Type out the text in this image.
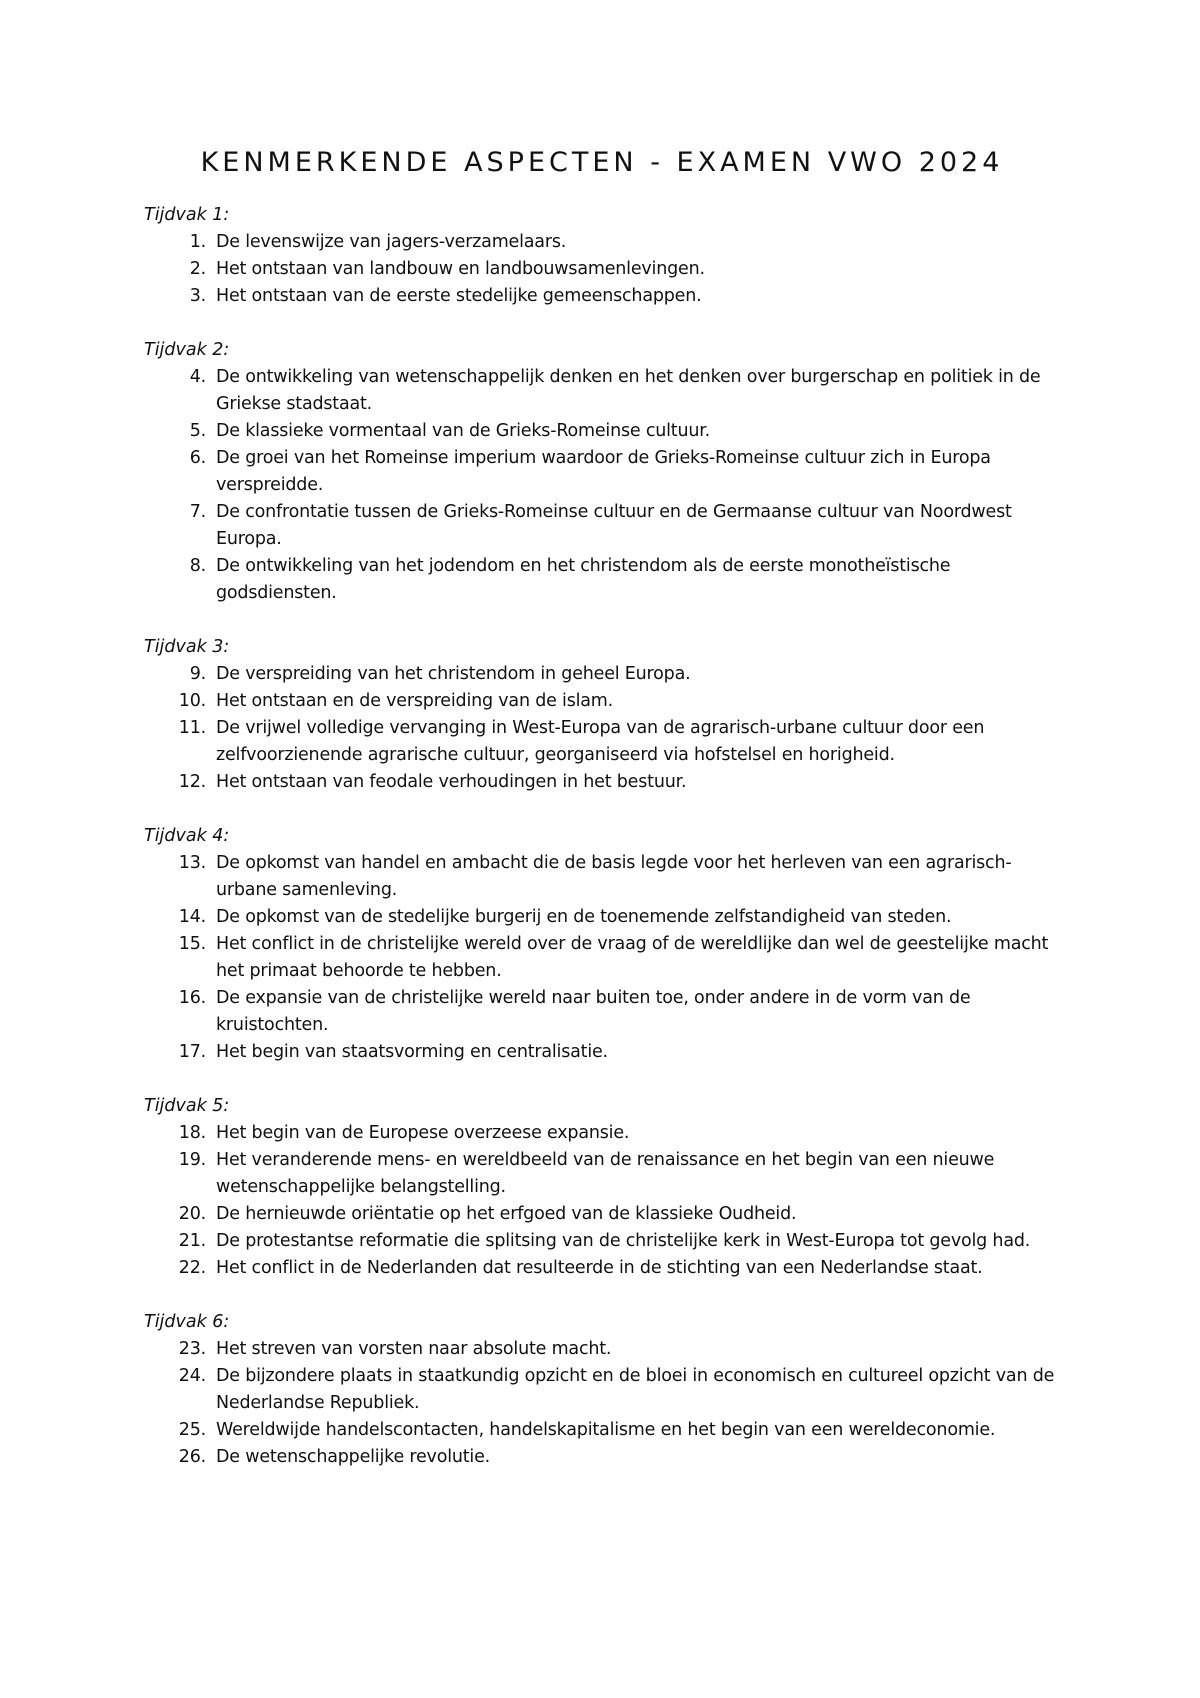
KENMERKENDE ASPECTEN - EXAMEN VWO 2024

Tijdvak 1:

1. De levenswijze van jagers-verzamelaars.
2. Het ontstaan van landbouw en landbouwsamenlevingen.
3. Het ontstaan van de eerste stedelijke gemeenschappen.

Tijdvak 2:

4. De ontwikkeling van wetenschappelijk denken en het denken over burgerschap en politiek in de Griekse stadstaat.
5. De klassieke vormentaal van de Grieks-Romeinse cultuur.
6. De groei van het Romeinse imperium waardoor de Grieks-Romeinse cultuur zich in Europa verspreidde.
7. De confrontatie tussen de Grieks-Romeinse cultuur en de Germaanse cultuur van Noordwest Europa.
8. De ontwikkeling van het jodendom en het christendom als de eerste monotheïstische godsdiensten.

Tijdvak 3:

9. De verspreiding van het christendom in geheel Europa.
10. Het ontstaan en de verspreiding van de islam.
11. De vrijwel volledige vervanging in West-Europa van de agrarisch-urbane cultuur door een zelfvoorzienende agrarische cultuur, georganiseerd via hofstelsel en horigheid.
12. Het ontstaan van feodale verhoudingen in het bestuur.

Tijdvak 4:

13. De opkomst van handel en ambacht die de basis legde voor het herleven van een agrarisch-urbane samenleving.
14. De opkomst van de stedelijke burgerij en de toenemende zelfstandigheid van steden.
15. Het conflict in de christelijke wereld over de vraag of de wereldlijke dan wel de geestelijke macht het primaat behoorde te hebben.
16. De expansie van de christelijke wereld naar buiten toe, onder andere in de vorm van de kruistochten.
17. Het begin van staatsvorming en centralisatie.

Tijdvak 5:

18. Het begin van de Europese overzeese expansie.
19. Het veranderende mens- en wereldbeeld van de renaissance en het begin van een nieuwe wetenschappelijke belangstelling.
20. De hernieuwde oriëntatie op het erfgoed van de klassieke Oudheid.
21. De protestantse reformatie die splitsing van de christelijke kerk in West-Europa tot gevolg had.
22. Het conflict in de Nederlanden dat resulteerde in de stichting van een Nederlandse staat.

Tijdvak 6:

23. Het streven van vorsten naar absolute macht.
24. De bijzondere plaats in staatkundig opzicht en de bloei in economisch en cultureel opzicht van de Nederlandse Republiek.
25. Wereldwijde handelscontacten, handelskapitalisme en het begin van een wereldeconomie.
26. De wetenschappelijke revolutie.
